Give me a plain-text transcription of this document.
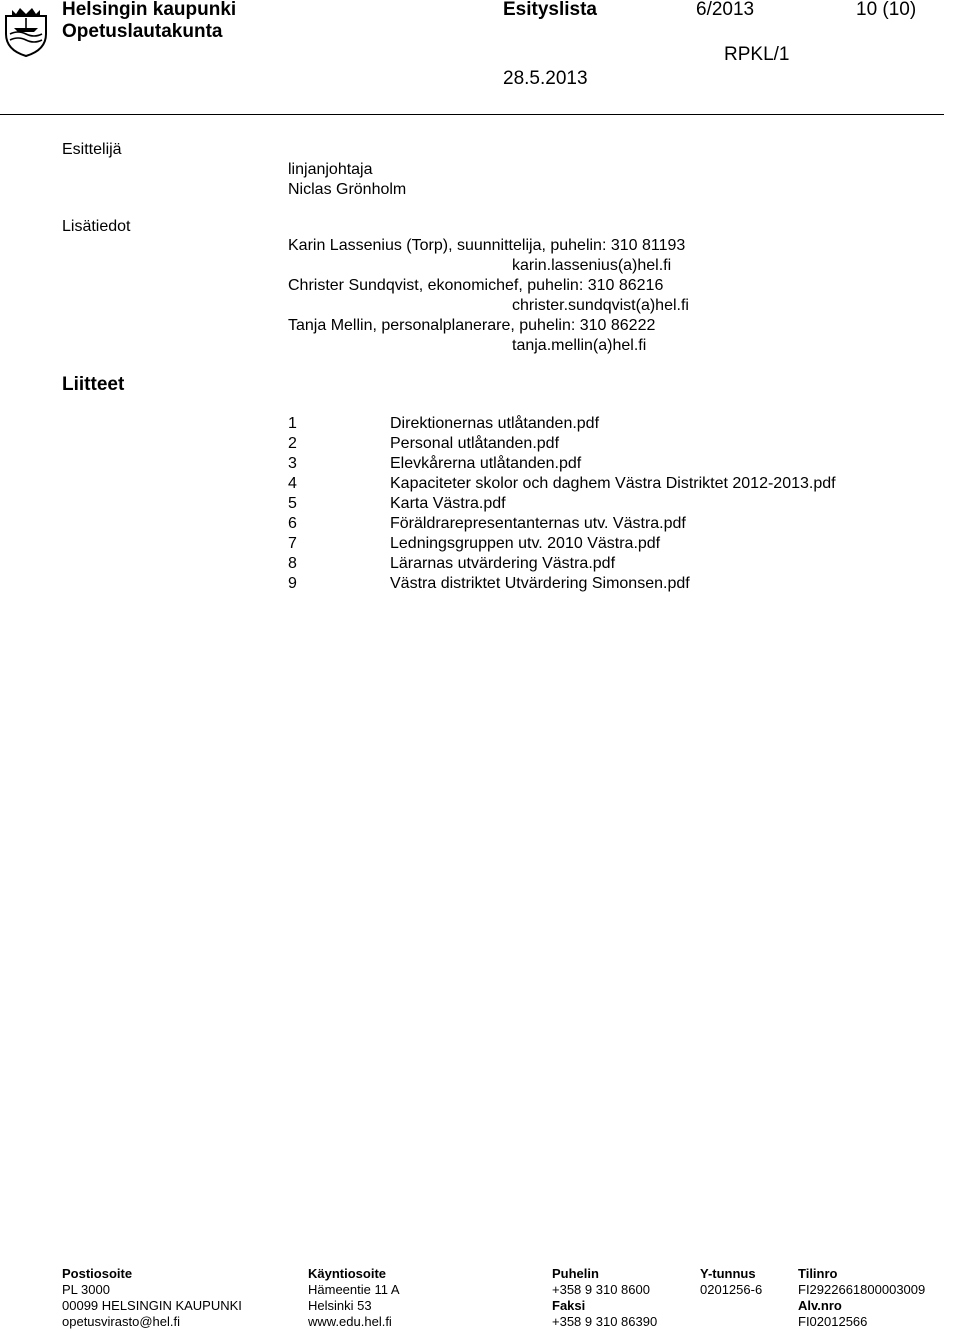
Helsingin kaupunki
Opetuslautakunta
Esityslista	6/2013	10 (10)
RPKL/1
28.5.2013
Esittelijä
linjanjohtaja
Niclas Grönholm
Lisätiedot
Karin Lassenius (Torp), suunnittelija, puhelin: 310 81193
karin.lassenius(a)hel.fi
Christer Sundqvist, ekonomichef, puhelin: 310 86216
christer.sundqvist(a)hel.fi
Tanja Mellin, personalplanerare, puhelin: 310 86222
tanja.mellin(a)hel.fi
Liitteet
1	Direktionernas utlåtanden.pdf
2	Personal utlåtanden.pdf
3	Elevkårerna utlåtanden.pdf
4	Kapaciteter skolor och daghem Västra Distriktet 2012-2013.pdf
5	Karta Västra.pdf
6	Föräldrarepresentanternas utv. Västra.pdf
7	Ledningsgruppen utv. 2010 Västra.pdf
8	Lärarnas utvärdering Västra.pdf
9	Västra distriktet Utvärdering Simonsen.pdf
Postiosoite
PL 3000
00099 HELSINGIN KAUPUNKI
opetusvirasto@hel.fi
Käyntiosoite
Hämeentie 11 A
Helsinki 53
www.edu.hel.fi
Puhelin
+358 9 310 8600
Faksi
+358 9 310 86390
Y-tunnus
0201256-6
Tilinro
FI2922661800003009
Alv.nro
FI02012566
